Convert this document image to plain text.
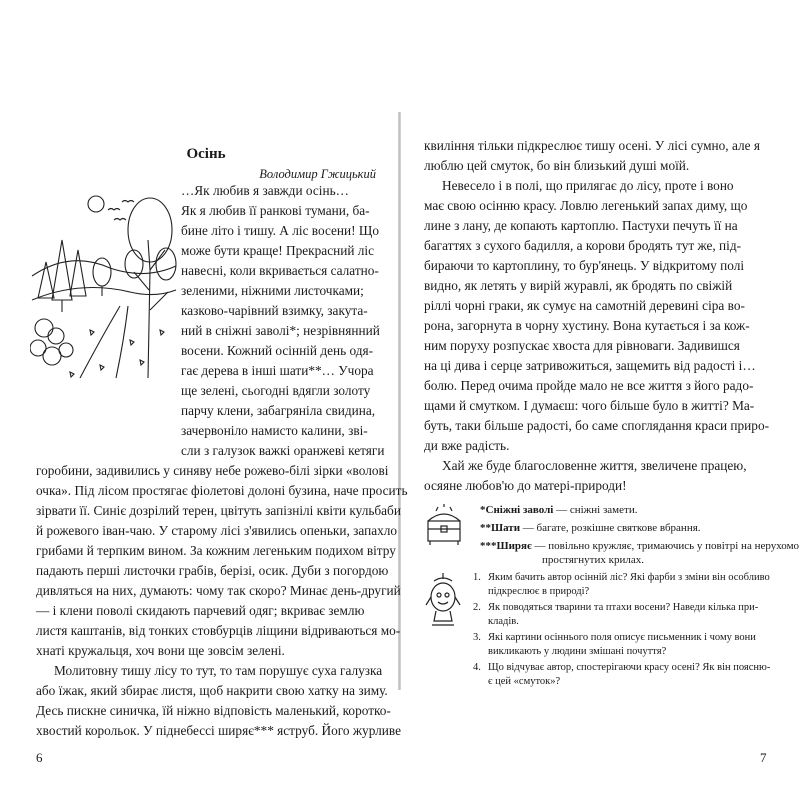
Осінь
Володимир Гжицький
…Як любив я завжди осінь…
Як я любив її ранкові тумани, ба-
бине літо і тишу. А ліс восени! Що
може бути краще! Прекрасний ліс
навесні, коли вкривається салатно-
зеленими, ніжними листочками;
казково-чарівний взимку, закута-
ний в сніжні заволі*; незрівнянний
восени. Кожний осінній день одя-
гає дерева в інші шати**… Учора
ще зелені, сьогодні вдягли золоту
парчу клени, забагряніла свидина,
зачервоніло намисто калини, зві-
сли з галузок важкі оранжеві кетяги
горобини, задивились у синяву небе рожево-білі зірки «волові
очка». Під лісом простягає фіолетові долоні бузина, наче просить
зірвати її. Синіє дозрілий терен, цвітуть запізнілі квіти кульбаби
й рожевого іван-чаю. У старому лісі з'явились опеньки, запахло
грибами й терпким вином. За кожним легеньким подихом вітру
падають перші листочки грабів, берізі, осик. Дуби з погордою
дивляться на них, думають: чому так скоро? Минає день-другий
— і клени поволі скидають парчевий одяг; вкриває землю
листя каштанів, від тонких стовбурців ліщини відриваються мо-
хнаті кружальця, хоч вони ще зовсім зелені.
Молитовну тишу лісу то тут, то там порушує суха галузка
або їжак, який збирає листя, щоб накрити свою хатку на зиму.
Десь пискне синичка, їй ніжно відповість маленький, коротко-
хвостий корольок. У піднебессі ширяє*** яструб. Його журливе
6
квиління тільки підкреслює тишу осені. У лісі сумно, але я
люблю цей смуток, бо він близький душі моїй.
Невесело і в полі, що прилягає до лісу, проте і воно
має свою осінню красу. Ловлю легенький запах диму, що
лине з лану, де копають картоплю. Пастухи печуть її на
багаттях з сухого бадилля, а корови бродять тут же, під-
бираючи то картоплину, то бур'янець. У відкритому полі
видно, як летять у вирій журавлі, як бродять по свіжій
ріллі чорні граки, як сумує на самотній деревині сіра во-
рона, загорнута в чорну хустину. Вона кутається і за кож-
ним поруху розпускає хвоста для рівноваги. Задивишся
на ці дива і серце затривожиться, защемить від радості і…
болю. Перед очима пройде мало не все життя з його радо-
щами й смутком. І думаєш: чого більше було в житті? Ма-
буть, таки більше радості, бо саме споглядання краси приро-
ди вже радість.
Хай же буде благословенне життя, звеличене працею,
осяяне любов'ю до матері-природи!
*Сніжні заволі — сніжні замети.
**Шати — багате, розкішне святкове вбрання.
***Ширяє — повільно кружляє, тримаючись у повітрі на нерухомо
простягнутих крилах.
1. Яким бачить автор осінній ліс? Які фарби з зміни він особливо
підкреслює в природі?
2. Як поводяться тварини та птахи восени? Наведи кілька при-
кладів.
3. Які картини осіннього поля описує письменник і чому вони
викликають у людини змішані почуття?
4. Що відчуває автор, спостерігаючи красу осені? Як він поясню-
є цей «смуток»?
7
